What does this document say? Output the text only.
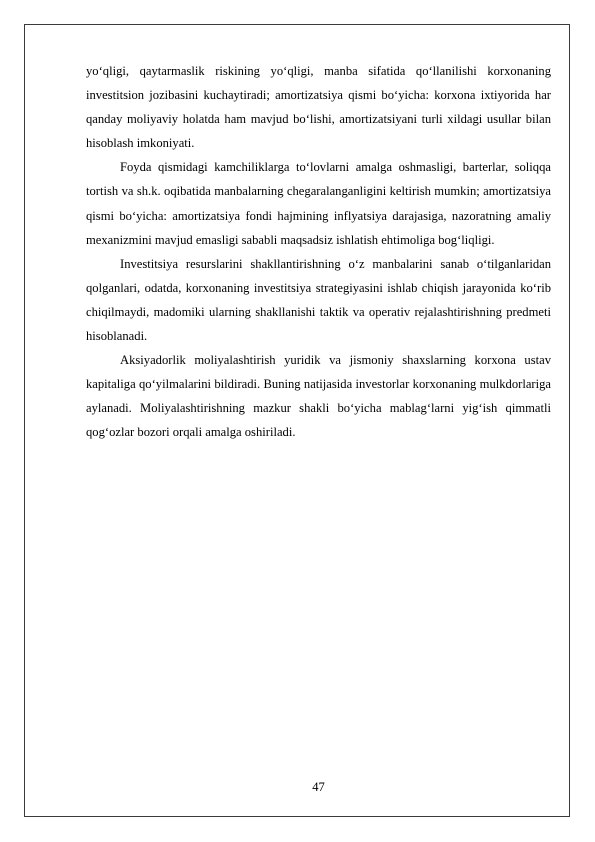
yo‘qligi, qaytarmaslik riskining yo‘qligi, manba sifatida qo‘llanilishi korxonaning investitsion jozibasini kuchaytiradi; amortizatsiya qismi bo‘yicha: korxona ixtiyorida har qanday moliyaviy holatda ham mavjud bo‘lishi, amortizatsiyani turli xildagi usullar bilan hisoblash imkoniyati.

Foyda qismidagi kamchiliklarga to‘lovlarni amalga oshmasligi, barterlar, soliqqa tortish va sh.k. oqibatida manbalarning chegaralanganligini keltirish mumkin; amortizatsiya qismi bo‘yicha: amortizatsiya fondi hajmining inflyatsiya darajasiga, nazoratning amaliy mexanizmini mavjud emasligi sababli maqsadsiz ishlatish ehtimoliga bog‘liqligi.

Investitsiya resurslarini shakllantirishning o‘z manbalarini sanab o‘tilganlaridan qolganlari, odatda, korxonaning investitsiya strategiyasini ishlab chiqish jarayonida ko‘rib chiqilmaydi, madomiki ularning shakllanishi taktik va operativ rejalashtirishning predmeti hisoblanadi.

Aksiyadorlik moliyalashtirish yuridik va jismoniy shaxslarning korxona ustav kapitaliga qo‘yilmalarini bildiradi. Buning natijasida investorlar korxonaning mulkdorlariga aylanadi. Moliyalashtirishning mazkur shakli bo‘yicha mablag‘larni yig‘ish qimmatli qog‘ozlar bozori orqali amalga oshiriladi.

47
